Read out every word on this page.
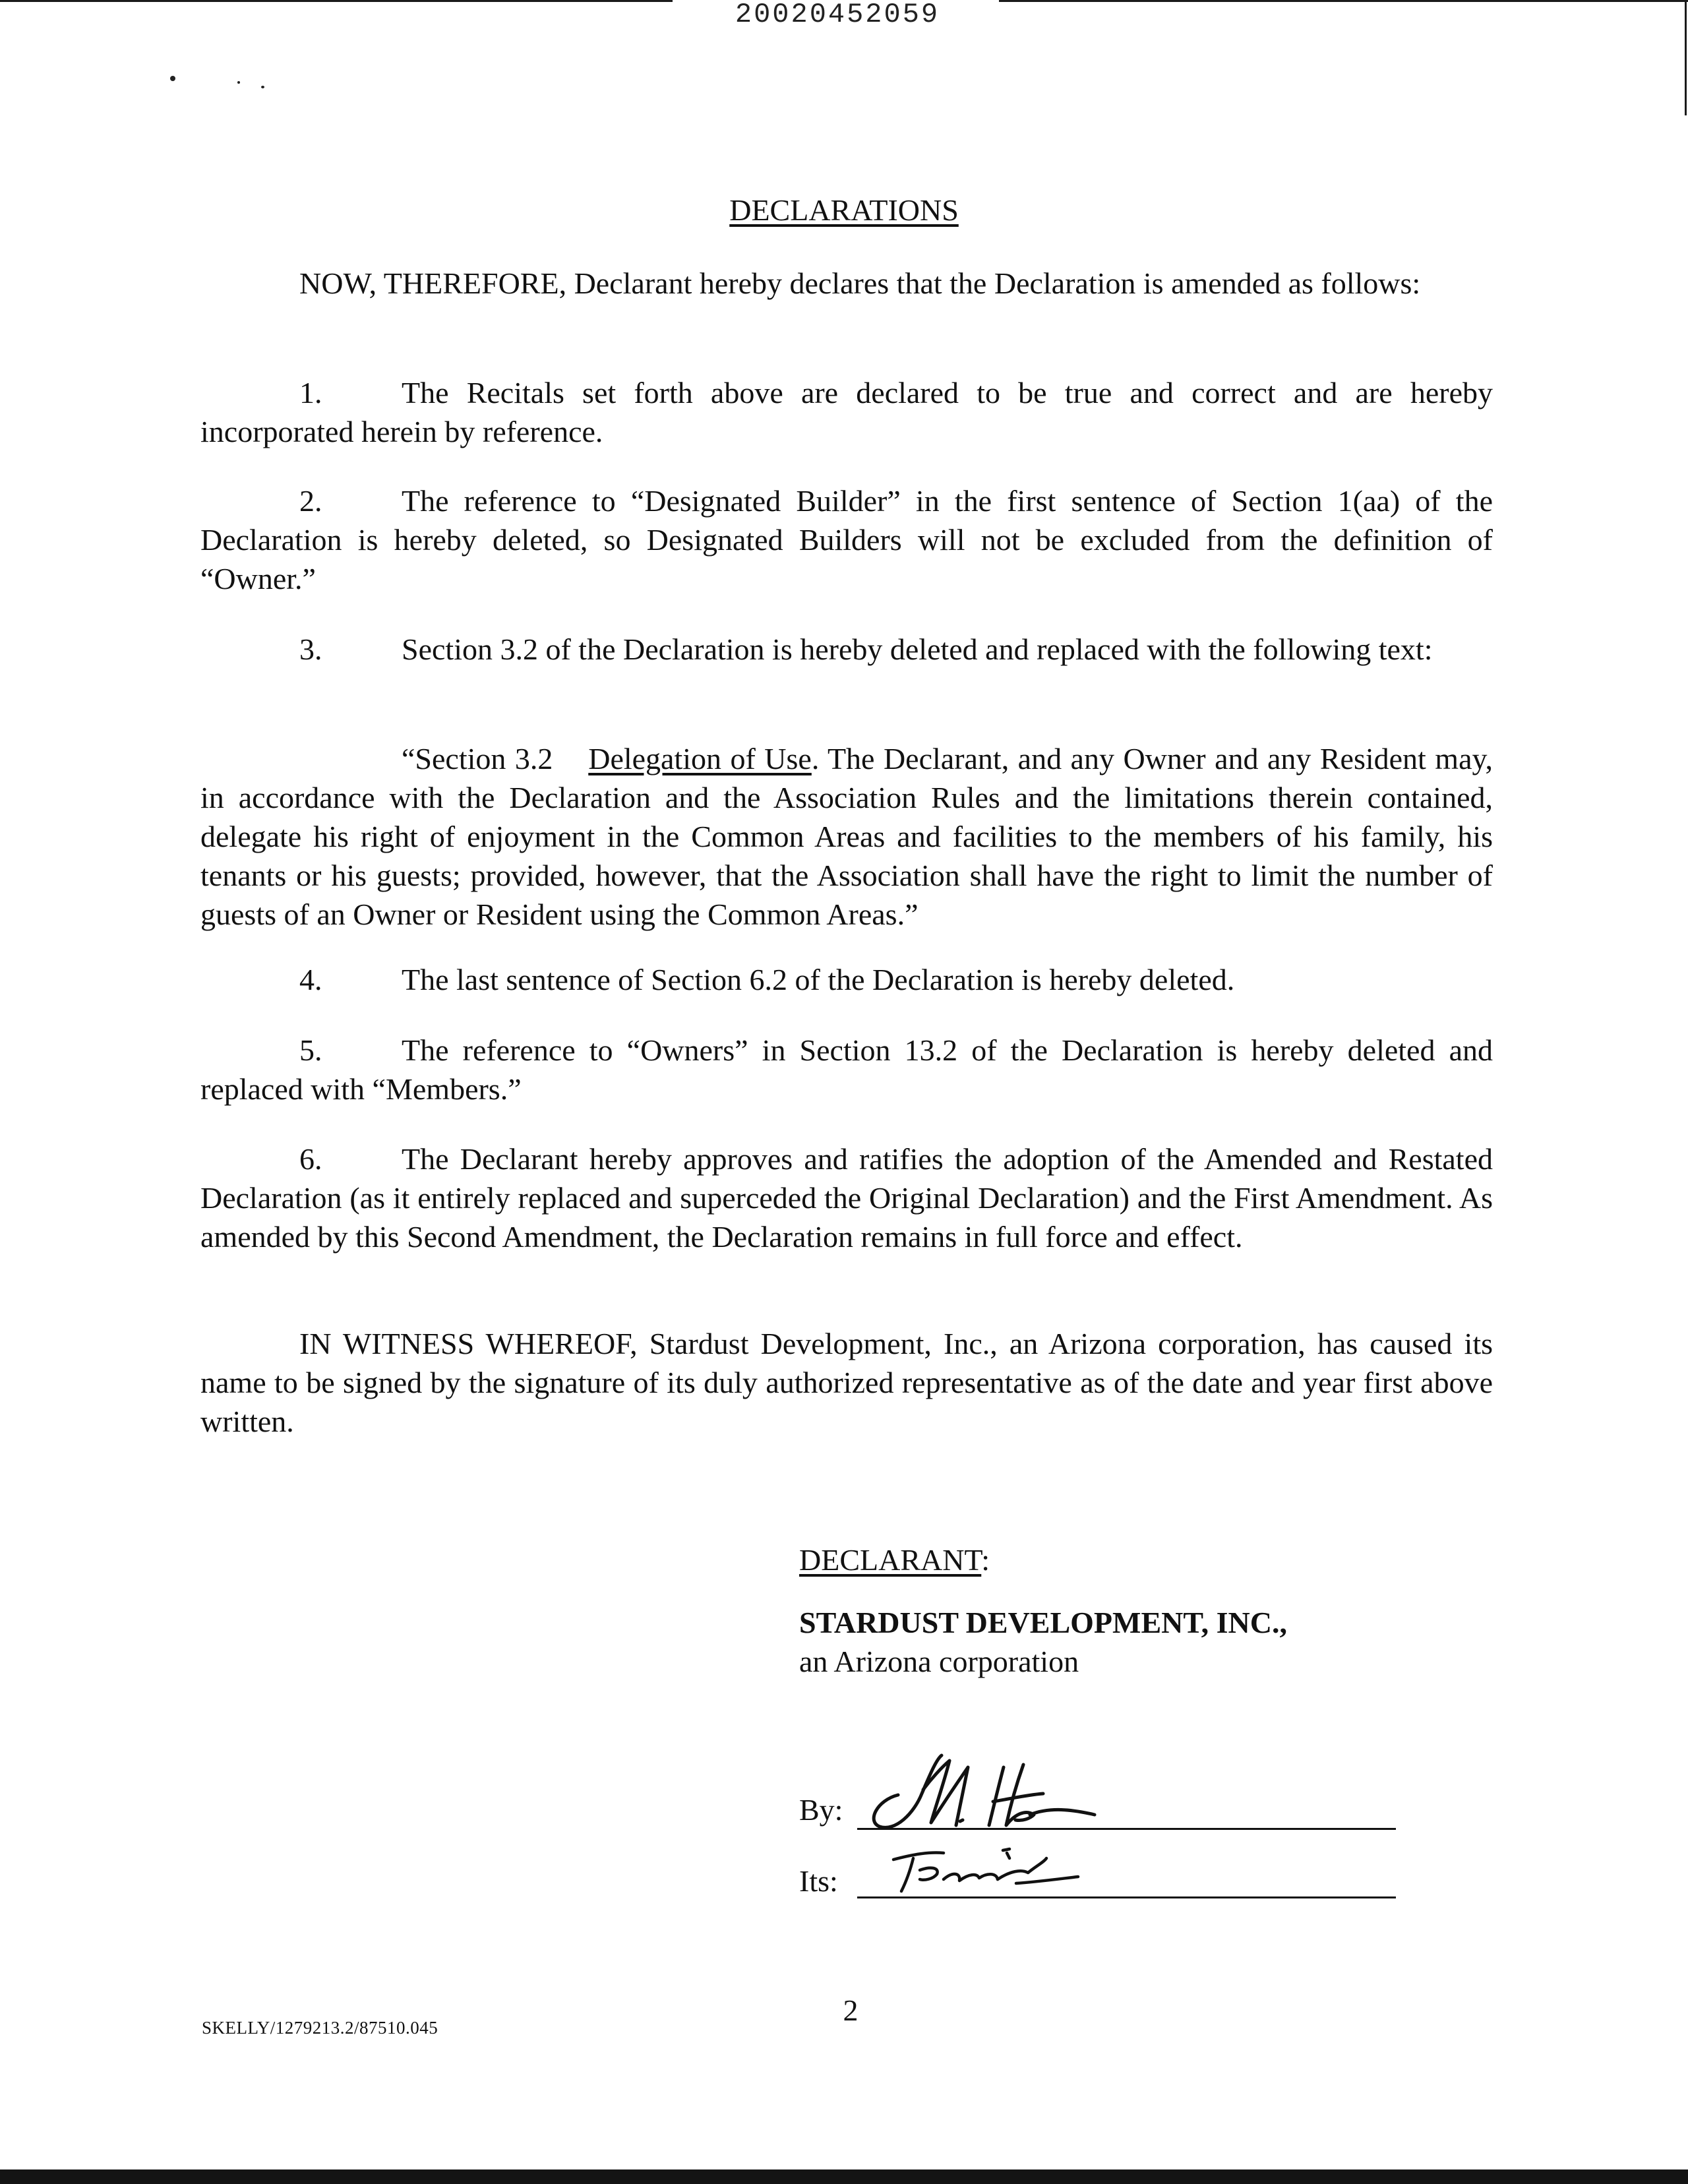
20020452059
DECLARATIONS
NOW, THEREFORE, Declarant hereby declares that the Declaration is amended as follows:
1.	The Recitals set forth above are declared to be true and correct and are hereby incorporated herein by reference.
2.	The reference to “Designated Builder” in the first sentence of Section 1(aa) of the Declaration is hereby deleted, so Designated Builders will not be excluded from the definition of “Owner.”
3.	Section 3.2 of the Declaration is hereby deleted and replaced with the following text:
“Section 3.2 Delegation of Use. The Declarant, and any Owner and any Resident may, in accordance with the Declaration and the Association Rules and the limitations therein contained, delegate his right of enjoyment in the Common Areas and facilities to the members of his family, his tenants or his guests; provided, however, that the Association shall have the right to limit the number of guests of an Owner or Resident using the Common Areas.”
4.	The last sentence of Section 6.2 of the Declaration is hereby deleted.
5.	The reference to “Owners” in Section 13.2 of the Declaration is hereby deleted and replaced with “Members.”
6.	The Declarant hereby approves and ratifies the adoption of the Amended and Restated Declaration (as it entirely replaced and superceded the Original Declaration) and the First Amendment. As amended by this Second Amendment, the Declaration remains in full force and effect.
IN WITNESS WHEREOF, Stardust Development, Inc., an Arizona corporation, has caused its name to be signed by the signature of its duly authorized representative as of the date and year first above written.
DECLARANT:
STARDUST DEVELOPMENT, INC.,
an Arizona corporation
By:
Its:
2
SKELLY/1279213.2/87510.045
